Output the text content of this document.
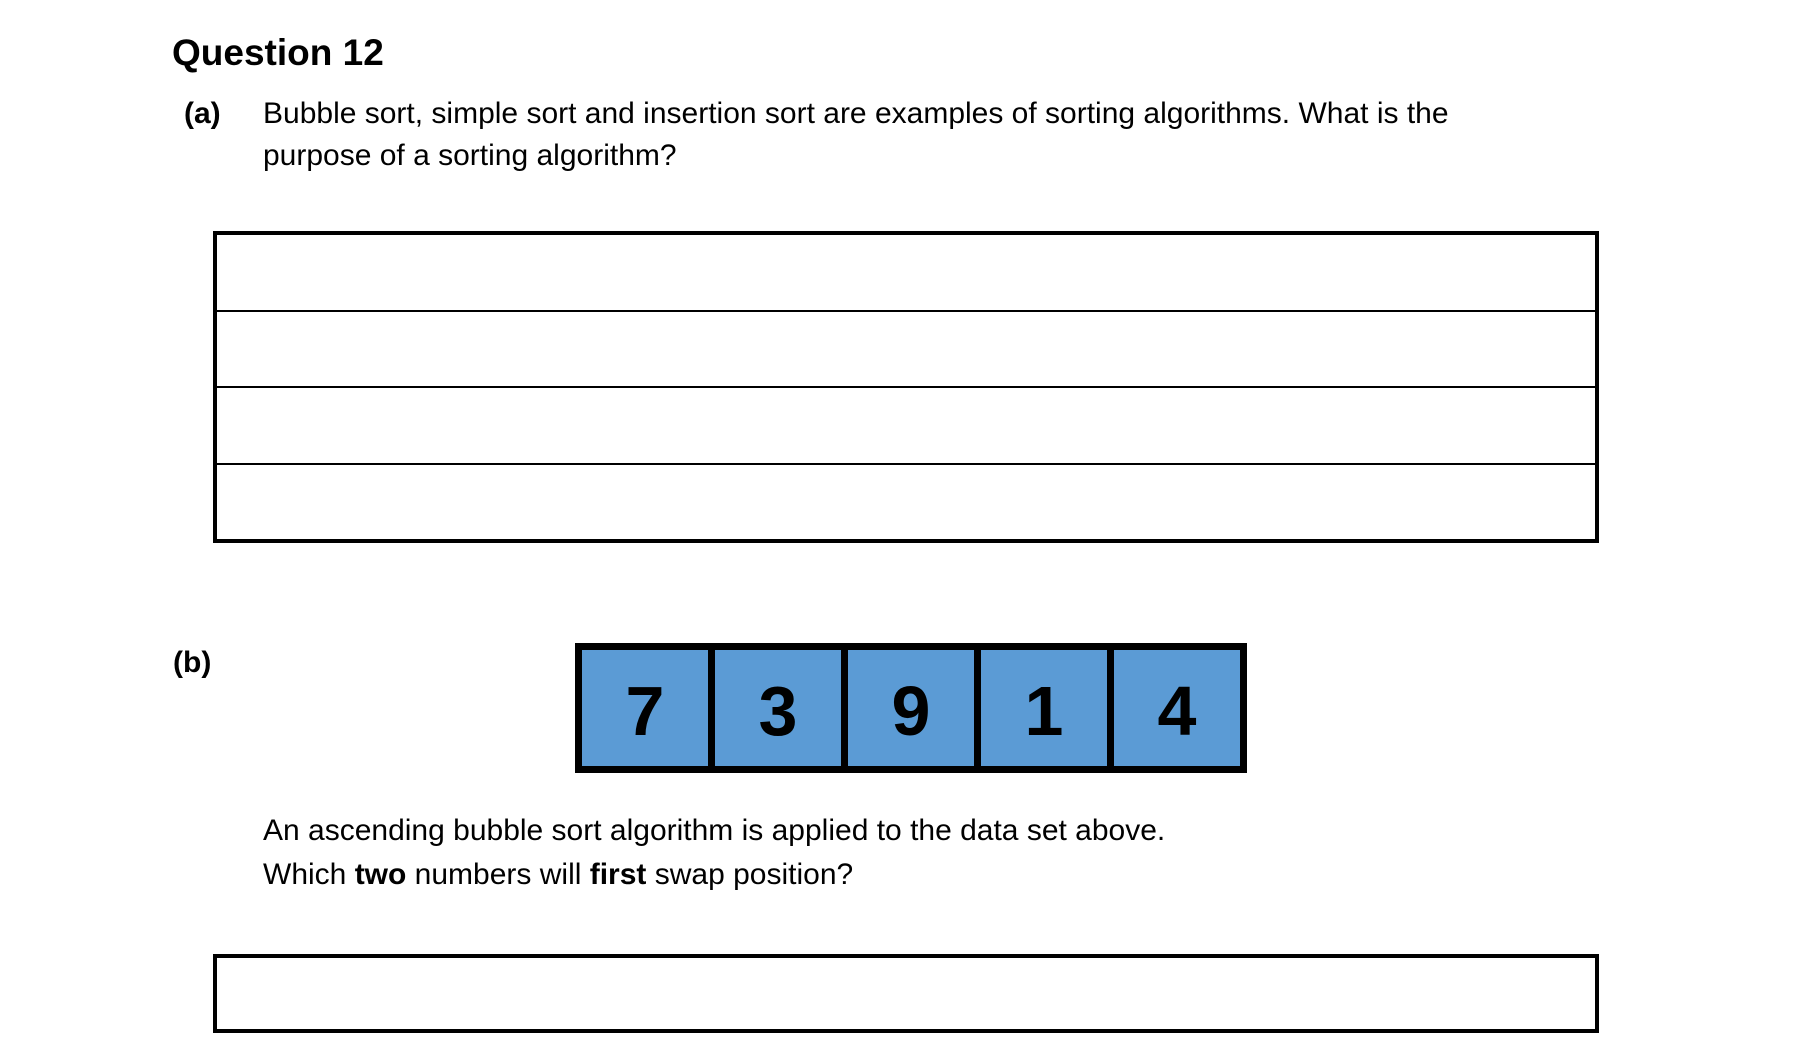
Question 12
(a) Bubble sort, simple sort and insertion sort are examples of sorting algorithms. What is the
purpose of a sorting algorithm?
(b)
7 3 9 1 4
An ascending bubble sort algorithm is applied to the data set above.
Which two numbers will first swap position?
